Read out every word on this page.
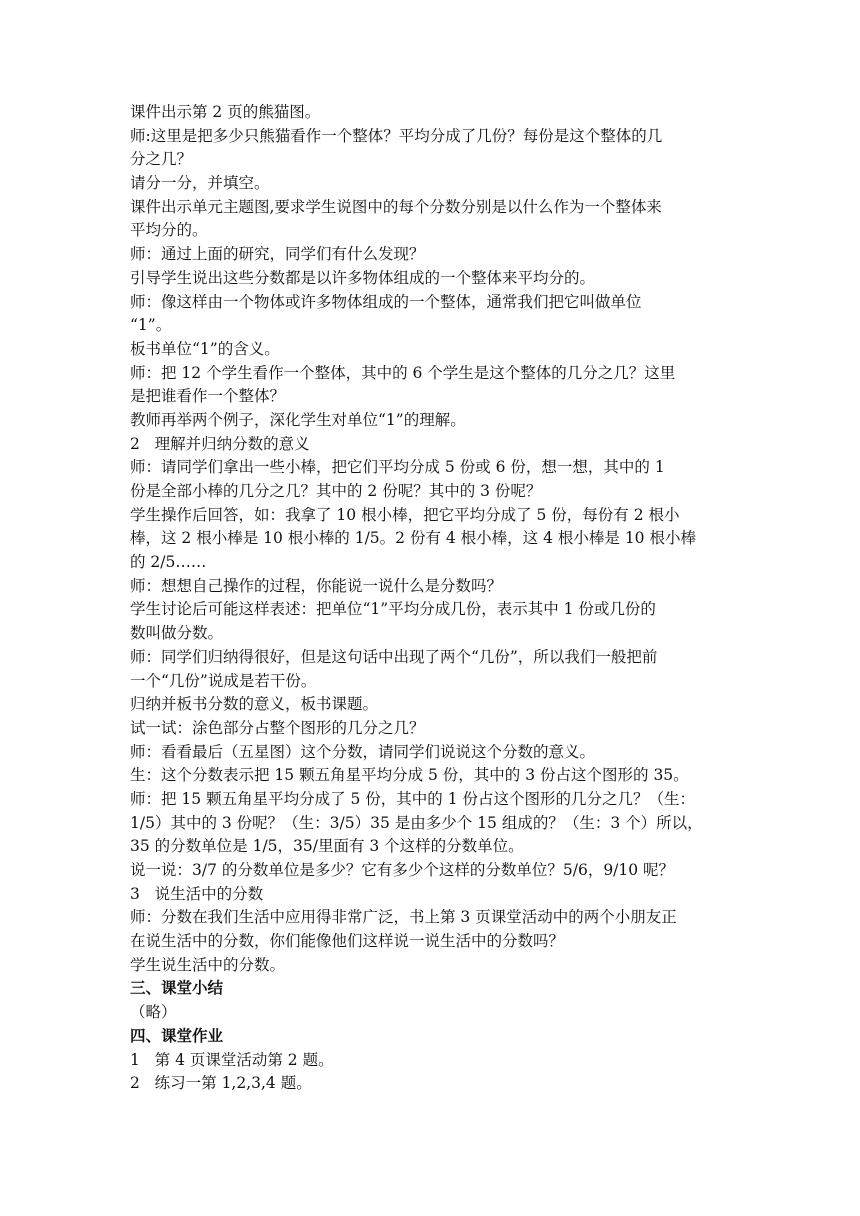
课件出示第 2 页的熊猫图。
师:这里是把多少只熊猫看作一个整体？平均分成了几份？每份是这个整体的几
分之几？
请分一分，并填空。
课件出示单元主题图,要求学生说图中的每个分数分别是以什么作为一个整体来
平均分的。
师：通过上面的研究，同学们有什么发现？
引导学生说出这些分数都是以许多物体组成的一个整体来平均分的。
师：像这样由一个物体或许多物体组成的一个整体，通常我们把它叫做单位
“1”。
板书单位“1”的含义。
师：把 12 个学生看作一个整体，其中的 6 个学生是这个整体的几分之几？这里
是把谁看作一个整体？
教师再举两个例子，深化学生对单位“1”的理解。
2   理解并归纳分数的意义
师：请同学们拿出一些小棒，把它们平均分成 5 份或 6 份，想一想，其中的 1
份是全部小棒的几分之几？其中的 2 份呢？其中的 3 份呢？
学生操作后回答，如：我拿了 10 根小棒，把它平均分成了 5 份，每份有 2 根小
棒，这 2 根小棒是 10 根小棒的 1/5。2 份有 4 根小棒，这 4 根小棒是 10 根小棒
的 2/5……
师：想想自己操作的过程，你能说一说什么是分数吗？
学生讨论后可能这样表述：把单位“1”平均分成几份，表示其中 1 份或几份的
数叫做分数。
师：同学们归纳得很好，但是这句话中出现了两个“几份”，所以我们一般把前
一个“几份”说成是若干份。
归纳并板书分数的意义，板书课题。
试一试：涂色部分占整个图形的几分之几？
师：看看最后（五星图）这个分数，请同学们说说这个分数的意义。
生：这个分数表示把 15 颗五角星平均分成 5 份，其中的 3 份占这个图形的 35。
师：把 15 颗五角星平均分成了 5 份，其中的 1 份占这个图形的几分之几？（生：
1/5）其中的 3 份呢？（生：3/5）35 是由多少个 15 组成的？（生：3 个）所以，
35 的分数单位是 1/5，35/里面有 3 个这样的分数单位。
说一说：3/7 的分数单位是多少？它有多少个这样的分数单位？5/6，9/10 呢？
3   说生活中的分数
师：分数在我们生活中应用得非常广泛，书上第 3 页课堂活动中的两个小朋友正
在说生活中的分数，你们能像他们这样说一说生活中的分数吗？
学生说生活中的分数。
三、课堂小结
（略）
四、课堂作业
1   第 4 页课堂活动第 2 题。
2   练习一第 1,2,3,4 题。
